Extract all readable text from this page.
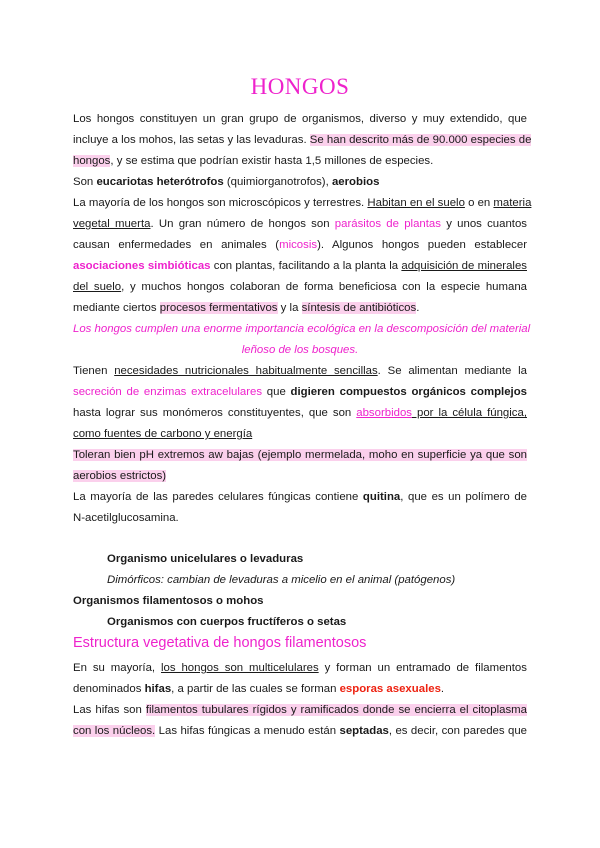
HONGOS
Los hongos constituyen un gran grupo de organismos, diverso y muy extendido, que
incluye a los mohos, las setas y las levaduras. Se han descrito más de 90.000 especies de
hongos, y se estima que podrían existir hasta 1,5 millones de especies.
Son eucariotas heterótrofos (quimiorganotrofos), aerobios
La mayoría de los hongos son microscópicos y terrestres. Habitan en el suelo o en materia
vegetal muerta. Un gran número de hongos son parásitos de plantas y unos cuantos
causan enfermedades en animales (micosis). Algunos hongos pueden establecer
asociaciones simbióticas con plantas, facilitando a la planta la adquisición de minerales
del suelo, y muchos hongos colaboran de forma beneficiosa con la especie humana
mediante ciertos procesos fermentativos y la síntesis de antibióticos.
Los hongos cumplen una enorme importancia ecológica en la descomposición del material
leñoso de los bosques.
Tienen necesidades nutricionales habitualmente sencillas. Se alimentan mediante la
secreción de enzimas extracelulares que digieren compuestos orgánicos complejos
hasta lograr sus monómeros constituyentes, que son absorbidos por la célula fúngica,
como fuentes de carbono y energía
Toleran bien pH extremos aw bajas (ejemplo mermelada, moho en superficie ya que son
aerobios estrictos)
La mayoría de las paredes celulares fúngicas contiene quitina, que es un polímero de
N-acetilglucosamina.
Organismo unicelulares o levaduras
Dimórficos: cambian de levaduras a micelio en el animal (patógenos)
Organismos filamentosos o mohos
Organismos con cuerpos fructíferos o setas
Estructura vegetativa de hongos filamentosos
En su mayoría, los hongos son multicelulares y forman un entramado de filamentos
denominados hifas, a partir de las cuales se forman esporas asexuales.
Las hifas son filamentos tubulares rígidos y ramificados donde se encierra el citoplasma
con los núcleos. Las hifas fúngicas a menudo están septadas, es decir, con paredes que
